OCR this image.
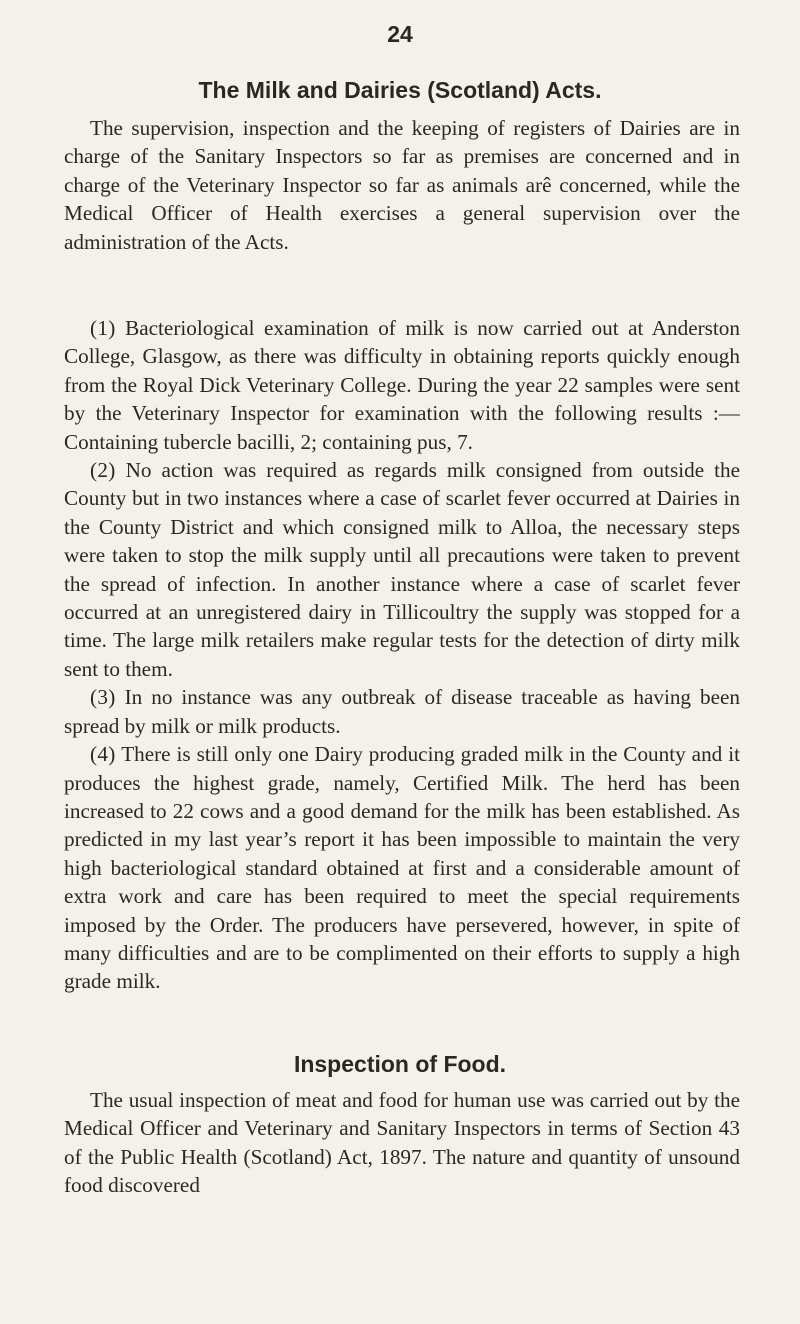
24
The Milk and Dairies (Scotland) Acts.

The supervision, inspection and the keeping of registers of Dairies are in charge of the Sanitary Inspectors so far as premises are concerned and in charge of the Veterinary Inspector so far as animals arê concerned, while the Medical Officer of Health exercises a general supervision over the administration of the Acts.

(1) Bacteriological examination of milk is now carried out at Anderston College, Glasgow, as there was difficulty in obtaining reports quickly enough from the Royal Dick Veterinary College. During the year 22 samples were sent by the Veterinary Inspector for examination with the following results :—Containing tubercle bacilli, 2; containing pus, 7.

(2) No action was required as regards milk consigned from outside the County but in two instances where a case of scarlet fever occurred at Dairies in the County District and which consigned milk to Alloa, the necessary steps were taken to stop the milk supply until all precautions were taken to prevent the spread of infection. In another instance where a case of scarlet fever occurred at an unregistered dairy in Tillicoultry the supply was stopped for a time. The large milk retailers make regular tests for the detection of dirty milk sent to them.

(3) In no instance was any outbreak of disease traceable as having been spread by milk or milk products.

(4) There is still only one Dairy producing graded milk in the County and it produces the highest grade, namely, Certified Milk. The herd has been increased to 22 cows and a good demand for the milk has been established. As predicted in my last year’s report it has been impossible to maintain the very high bacteriological standard obtained at first and a considerable amount of extra work and care has been required to meet the special requirements imposed by the Order. The producers have persevered, however, in spite of many difficulties and are to be complimented on their efforts to supply a high grade milk.

Inspection of Food.

The usual inspection of meat and food for human use was carried out by the Medical Officer and Veterinary and Sanitary Inspectors in terms of Section 43 of the Public Health (Scotland) Act, 1897. The nature and quantity of unsound food discovered
